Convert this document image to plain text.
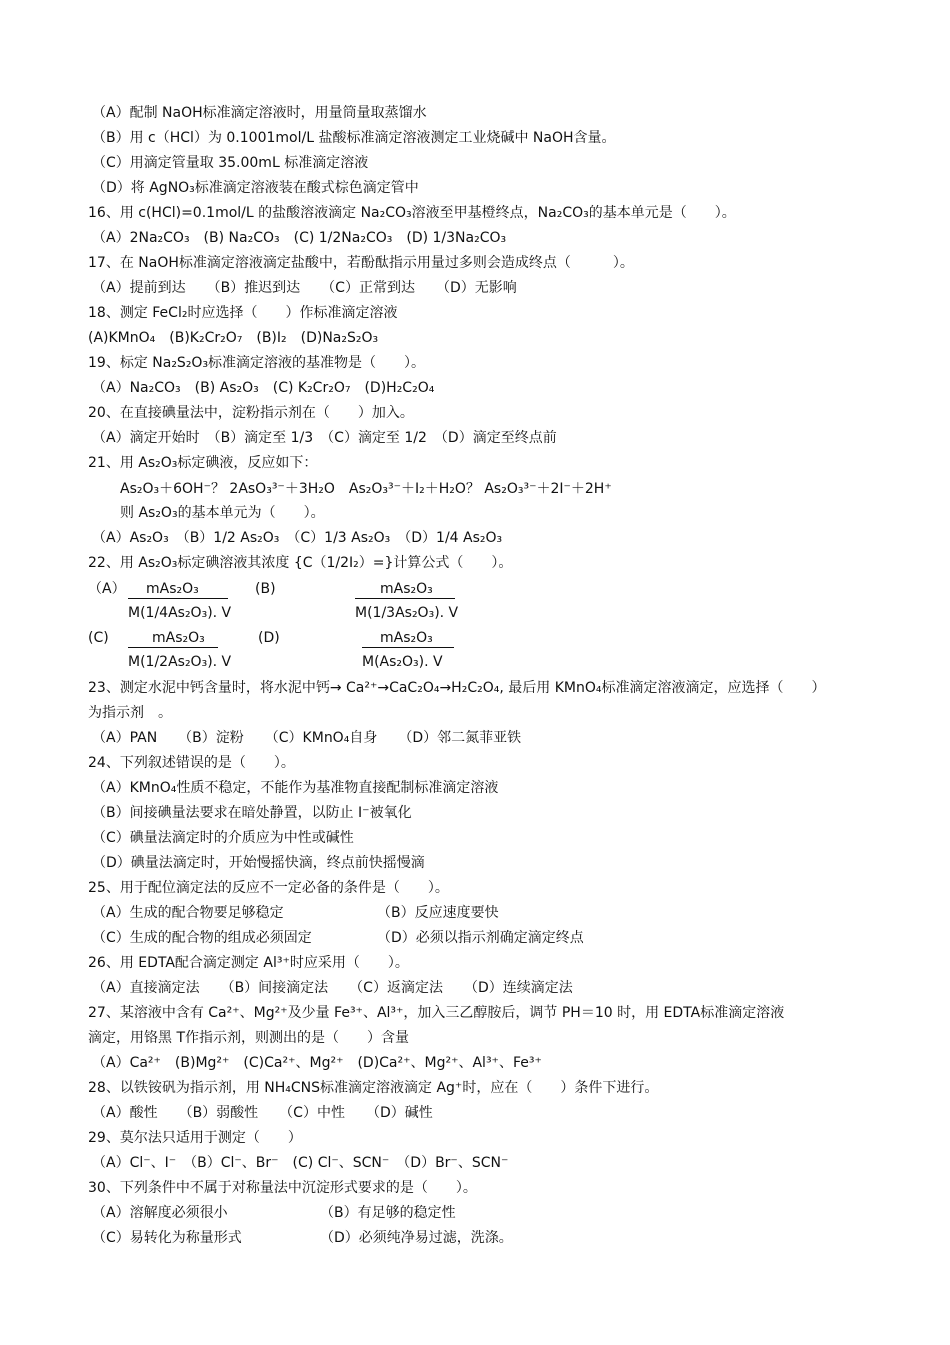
（A）配制 NaOH标准滴定溶液时，用量筒量取蒸馏水
（B）用 c（HCl）为 0.1001mol/L 盐酸标准滴定溶液测定工业烧碱中 NaOH含量。
（C）用滴定管量取 35.00mL 标准滴定溶液
（D）将 AgNO₃标准滴定溶液装在酸式棕色滴定管中
16、用 c(HCl)=0.1mol/L 的盐酸溶液滴定 Na₂CO₃溶液至甲基橙终点，Na₂CO₃的基本单元是（　　）。
（A）2Na₂CO₃　(B) Na₂CO₃　(C) 1/2Na₂CO₃　(D) 1/3Na₂CO₃
17、在 NaOH标准滴定溶液滴定盐酸中，若酚酞指示用量过多则会造成终点（　　　）。
（A）提前到达　　（B）推迟到达　　（C）正常到达　　（D）无影响
18、测定 FeCl₂时应选择（　　）作标准滴定溶液
(A)KMnO₄　(B)K₂Cr₂O₇　(B)I₂　(D)Na₂S₂O₃
19、标定 Na₂S₂O₃标准滴定溶液的基准物是（　　）。
（A）Na₂CO₃　(B) As₂O₃　(C) K₂Cr₂O₇　(D)H₂C₂O₄
20、在直接碘量法中，淀粉指示剂在（　　）加入。
（A）滴定开始时　（B）滴定至 1/3　（C）滴定至 1/2　（D）滴定至终点前
21、用 As₂O₃标定碘液，反应如下：
As₂O₃＋6OH⁻？ 2AsO₃³⁻＋3H₂O　As₂O₃³⁻＋I₂＋H₂O？ As₂O₃³⁻＋2I⁻＋2H⁺
则 As₂O₃的基本单元为（　　）。
（A）As₂O₃　（B）1/2 As₂O₃　（C）1/3 As₂O₃　（D）1/4 As₂O₃
22、用 As₂O₃标定碘溶液其浓度 {C（1/2I₂）=}计算公式（　　）。
（A） mAs₂O₃	(B)	mAs₂O₃
M(1/4As₂O₃). V	M(1/3As₂O₃). V
(C)	mAs₂O₃	(D)	mAs₂O₃
M(1/2As₂O₃). V	M(As₂O₃). V
23、测定水泥中钙含量时，将水泥中钙→ Ca²⁺→CaC₂O₄→H₂C₂O₄, 最后用 KMnO₄标准滴定溶液滴定，应选择（　　）
为指示剂　。
（A）PAN　　（B）淀粉　　（C）KMnO₄自身　　（D）邻二氮菲亚铁
24、下列叙述错误的是（　　）。
（A）KMnO₄性质不稳定，不能作为基准物直接配制标准滴定溶液
（B）间接碘量法要求在暗处静置，以防止 I⁻被氧化
（C）碘量法滴定时的介质应为中性或碱性
（D）碘量法滴定时，开始慢摇快滴，终点前快摇慢滴
25、用于配位滴定法的反应不一定必备的条件是（　　）。
（A）生成的配合物要足够稳定	（B）反应速度要快
（C）生成的配合物的组成必须固定	（D）必须以指示剂确定滴定终点
26、用 EDTA配合滴定测定 Al³⁺时应采用（　　）。
（A）直接滴定法　　（B）间接滴定法　　（C）返滴定法　　（D）连续滴定法
27、某溶液中含有 Ca²⁺、Mg²⁺及少量 Fe³⁺、Al³⁺，加入三乙醇胺后，调节 PH＝10 时，用 EDTA标准滴定溶液
滴定，用铬黑 T作指示剂，则测出的是（　　）含量
（A）Ca²⁺　(B)Mg²⁺　(C)Ca²⁺、Mg²⁺　(D)Ca²⁺、Mg²⁺、Al³⁺、Fe³⁺
28、以铁铵矾为指示剂，用 NH₄CNS标准滴定溶液滴定 Ag⁺时，应在（　　）条件下进行。
（A）酸性　　（B）弱酸性　　（C）中性　　（D）碱性
29、莫尔法只适用于测定（　　）
（A）Cl⁻、I⁻　（B）Cl⁻、Br⁻　(C) Cl⁻、SCN⁻　（D）Br⁻、SCN⁻
30、下列条件中不属于对称量法中沉淀形式要求的是（　　）。
（A）溶解度必须很小	（B）有足够的稳定性
（C）易转化为称量形式	（D）必须纯净易过滤，洗涤。
